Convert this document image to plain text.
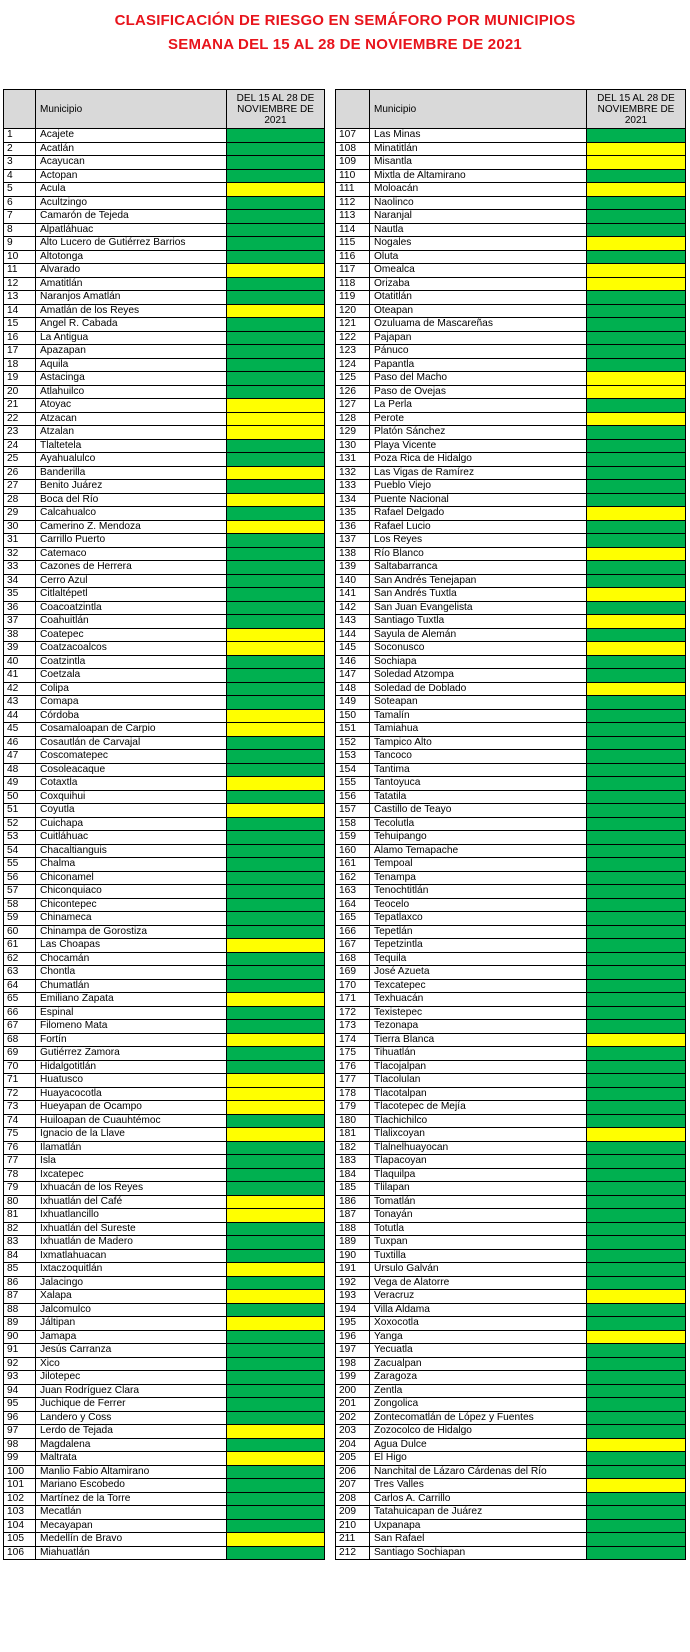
CLASIFICACIÓN DE RIESGO EN SEMÁFORO POR MUNICIPIOS
SEMANA DEL 15 AL 28 DE NOVIEMBRE DE 2021
	Municipio	DEL 15 AL 28 DE NOVIEMBRE DE 2021
1	Acajete	
2	Acatlán	
3	Acayucan	
4	Actopan	
5	Acula	
6	Acultzingo	
7	Camarón de Tejeda	
8	Alpatláhuac	
9	Alto Lucero de Gutiérrez Barrios	
10	Altotonga	
11	Alvarado	
12	Amatitlán	
13	Naranjos Amatlán	
14	Amatlán de los Reyes	
15	Angel R. Cabada	
16	La Antigua	
17	Apazapan	
18	Aquila	
19	Astacinga	
20	Atlahuilco	
21	Atoyac	
22	Atzacan	
23	Atzalan	
24	Tlaltetela	
25	Ayahualulco	
26	Banderilla	
27	Benito Juárez	
28	Boca del Río	
29	Calcahualco	
30	Camerino Z. Mendoza	
31	Carrillo Puerto	
32	Catemaco	
33	Cazones de Herrera	
34	Cerro Azul	
35	Citlaltépetl	
36	Coacoatzintla	
37	Coahuitlán	
38	Coatepec	
39	Coatzacoalcos	
40	Coatzintla	
41	Coetzala	
42	Colipa	
43	Comapa	
44	Córdoba	
45	Cosamaloapan de Carpio	
46	Cosautlán de Carvajal	
47	Coscomatepec	
48	Cosoleacaque	
49	Cotaxtla	
50	Coxquihui	
51	Coyutla	
52	Cuichapa	
53	Cuitláhuac	
54	Chacaltianguis	
55	Chalma	
56	Chiconamel	
57	Chiconquiaco	
58	Chicontepec	
59	Chinameca	
60	Chinampa de Gorostiza	
61	Las Choapas	
62	Chocamán	
63	Chontla	
64	Chumatlán	
65	Emiliano Zapata	
66	Espinal	
67	Filomeno Mata	
68	Fortín	
69	Gutiérrez Zamora	
70	Hidalgotitlán	
71	Huatusco	
72	Huayacocotla	
73	Hueyapan de Ocampo	
74	Huiloapan de Cuauhtémoc	
75	Ignacio de la Llave	
76	Ilamatlán	
77	Isla	
78	Ixcatepec	
79	Ixhuacán de los Reyes	
80	Ixhuatlán del Café	
81	Ixhuatlancillo	
82	Ixhuatlán del Sureste	
83	Ixhuatlán de Madero	
84	Ixmatlahuacan	
85	Ixtaczoquitlán	
86	Jalacingo	
87	Xalapa	
88	Jalcomulco	
89	Jáltipan	
90	Jamapa	
91	Jesús Carranza	
92	Xico	
93	Jilotepec	
94	Juan Rodríguez Clara	
95	Juchique de Ferrer	
96	Landero y Coss	
97	Lerdo de Tejada	
98	Magdalena	
99	Maltrata	
100	Manlio Fabio Altamirano	
101	Mariano Escobedo	
102	Martínez de la Torre	
103	Mecatlán	
104	Mecayapan	
105	Medellín de Bravo	
106	Miahuatlán	
	Municipio	DEL 15 AL 28 DE NOVIEMBRE DE 2021
107	Las Minas	
108	Minatitlán	
109	Misantla	
110	Mixtla de Altamirano	
111	Moloacán	
112	Naolinco	
113	Naranjal	
114	Nautla	
115	Nogales	
116	Oluta	
117	Omealca	
118	Orizaba	
119	Otatitlán	
120	Oteapan	
121	Ozuluama de Mascareñas	
122	Pajapan	
123	Pánuco	
124	Papantla	
125	Paso del Macho	
126	Paso de Ovejas	
127	La Perla	
128	Perote	
129	Platón Sánchez	
130	Playa Vicente	
131	Poza Rica de Hidalgo	
132	Las Vigas de Ramírez	
133	Pueblo Viejo	
134	Puente Nacional	
135	Rafael Delgado	
136	Rafael Lucio	
137	Los Reyes	
138	Río Blanco	
139	Saltabarranca	
140	San Andrés Tenejapan	
141	San Andrés Tuxtla	
142	San Juan Evangelista	
143	Santiago Tuxtla	
144	Sayula de Alemán	
145	Soconusco	
146	Sochiapa	
147	Soledad Atzompa	
148	Soledad de Doblado	
149	Soteapan	
150	Tamalín	
151	Tamiahua	
152	Tampico Alto	
153	Tancoco	
154	Tantima	
155	Tantoyuca	
156	Tatatila	
157	Castillo de Teayo	
158	Tecolutla	
159	Tehuipango	
160	Álamo Temapache	
161	Tempoal	
162	Tenampa	
163	Tenochtitlán	
164	Teocelo	
165	Tepatlaxco	
166	Tepetlán	
167	Tepetzintla	
168	Tequila	
169	José Azueta	
170	Texcatepec	
171	Texhuacán	
172	Texistepec	
173	Tezonapa	
174	Tierra Blanca	
175	Tihuatlán	
176	Tlacojalpan	
177	Tlacolulan	
178	Tlacotalpan	
179	Tlacotepec de Mejía	
180	Tlachichilco	
181	Tlalixcoyan	
182	Tlalnelhuayocan	
183	Tlapacoyan	
184	Tlaquilpa	
185	Tlilapan	
186	Tomatlán	
187	Tonayán	
188	Totutla	
189	Tuxpan	
190	Tuxtilla	
191	Ursulo Galván	
192	Vega de Alatorre	
193	Veracruz	
194	Villa Aldama	
195	Xoxocotla	
196	Yanga	
197	Yecuatla	
198	Zacualpan	
199	Zaragoza	
200	Zentla	
201	Zongolica	
202	Zontecomatlán de López y Fuentes	
203	Zozocolco de Hidalgo	
204	Agua Dulce	
205	El Higo	
206	Nanchital de Lázaro Cárdenas del Río	
207	Tres Valles	
208	Carlos A. Carrillo	
209	Tatahuicapan de Juárez	
210	Uxpanapa	
211	San Rafael	
212	Santiago Sochiapan	
